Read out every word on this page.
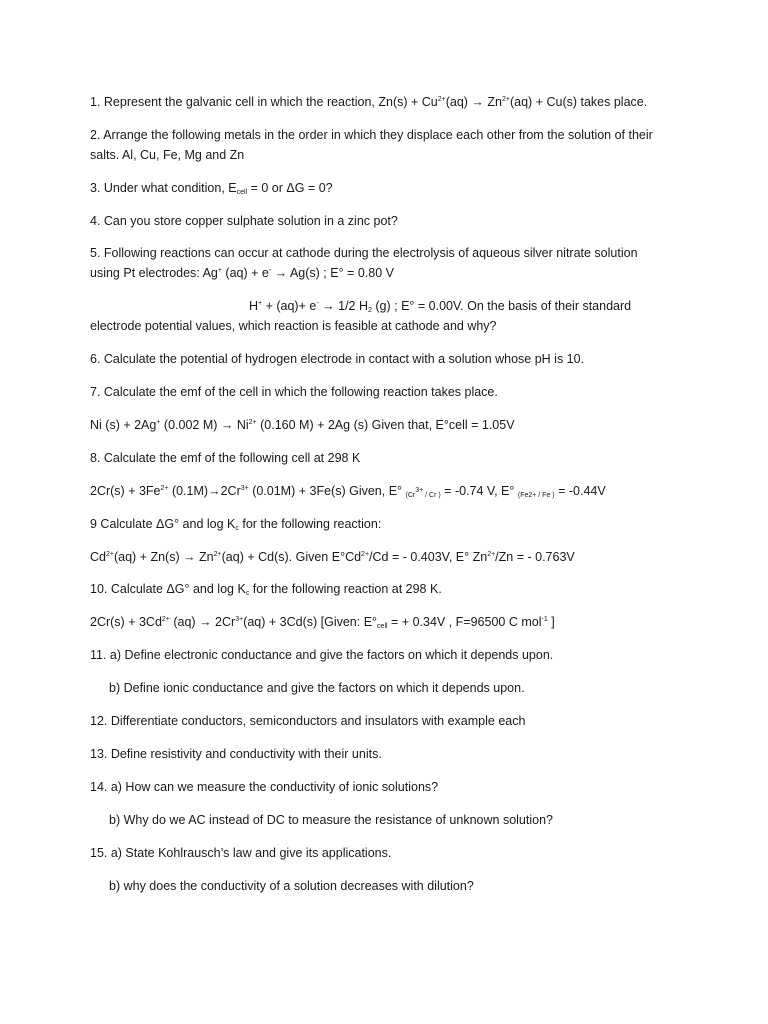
1. Represent the galvanic cell in which the reaction, $Zn(s) + Cu^{2+}(aq) \to Zn^{2+}(aq) + Cu(s)$ takes place.
2. Arrange the following metals in the order in which they displace each other from the solution of their
salts. Al, Cu, Fe, Mg and Zn
3. Under what condition, $E_{cell} = 0$ or ΔG = 0?
4. Can you store copper sulphate solution in a zinc pot?
5. Following reactions can occur at cathode during the electrolysis of aqueous silver nitrate solution
using Pt electrodes: Ag+ (aq) + e- → Ag(s) ; E° = 0.80 V
H+ + (aq)+ e- → 1/2 $H_2$ (g) ; E° = 0.00V. On the basis of their standard
electrode potential values, which reaction is feasible at cathode and why?
6. Calculate the potential of hydrogen electrode in contact with a solution whose pH is 10.
7. Calculate the emf of the cell in which the following reaction takes place.
Ni (s) + 2Ag+ (0.002 $M) \to Ni^{2+}$ (0.160 M) + 2Ag (s) Given that, E°cell = 1.05V
8. Calculate the emf of the following cell at 298 K
$2Cr(s) + 3Fe^{2+}$ $(0.1M)\to 2Cr^{3+}$ (0.01M) + 3Fe(s) Given, E° $_{(Cr^{3+} / Cr )}$ = -0.74 V, E° $_{(Fe2+ / Fe )}$ = -0.44V
9 Calculate ΔG° and $\log K_c$ for the following reaction:
$Cd^{2+}(aq) + Zn(s) \to Zn^{2+}(aq) + Cd(s)$. Given $E^\circ Cd^{2+}/Cd$ = - 0.403V, E° $Zn^{2+}/Zn$ = - 0.763V
10. Calculate ΔG° and $\log K_c$ for the following reaction at 298 K.
$2Cr(s) + 3Cd^{2+}$ $(aq) \to 2Cr^{3+}(aq) + 3Cd(s)$ [Given: $E^\circ_{cell}$ = + 0.34V , F=96500 C mol$^{-1}$ ]
11. a) Define electronic conductance and give the factors on which it depends upon.
b) Define ionic conductance and give the factors on which it depends upon.
12. Differentiate conductors, semiconductors and insulators with example each
13. Define resistivity and conductivity with their units.
14. a) How can we measure the conductivity of ionic solutions?
b) Why do we AC instead of DC to measure the resistance of unknown solution?
15. a) State Kohlrausch’s law and give its applications.
b) why does the conductivity of a solution decreases with dilution?
